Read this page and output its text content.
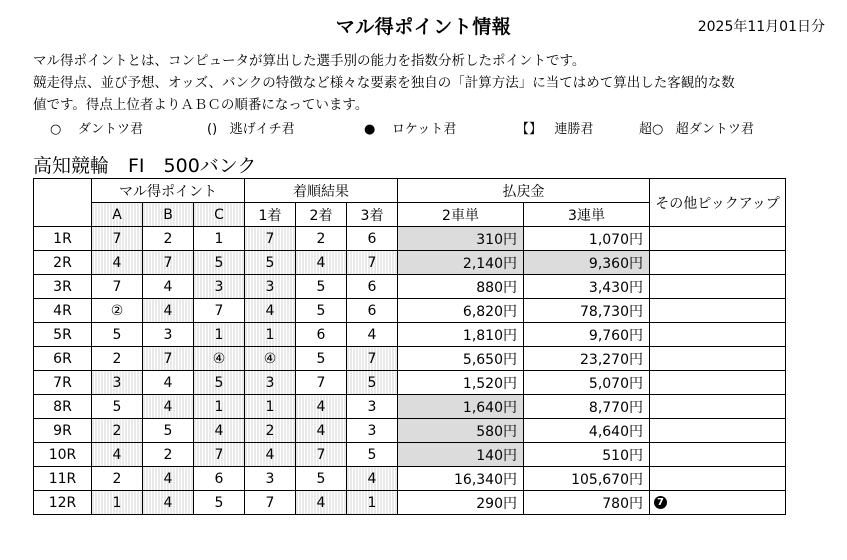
マル得ポイント情報	2025年11月01日分

マル得ポイントとは、コンピュータが算出した選手別の能力を指数分析したポイントです。

競走得点、並び予想、オッズ、バンクの特徴など様々な要素を独自の「計算方法」に当てはめて算出した客観的な数

値です。得点上位者よりＡＢＣの順番になっています。

○ ダントツ君	() 逃げイチ君	● ロケット君	【】 連勝君	超○ 超ダントツ君
高知競輪　FI　500バンク
	マル得ポイント			着順結果			払戻金		その他ピックアップ
	A	B	C	1着	2着	3着	2車単	3連単	
1R	7	2	1	7	2	6	310円	1,070円	
2R	4	7	5	5	4	7	2,140円	9,360円	
3R	7	4	3	3	5	6	880円	3,430円	
4R	②	4	7	4	5	6	6,820円	78,730円	
5R	5	3	1	1	6	4	1,810円	9,760円	
6R	2	7	④	④	5	7	5,650円	23,270円	
7R	3	4	5	3	7	5	1,520円	5,070円	
8R	5	4	1	1	4	3	1,640円	8,770円	
9R	2	5	4	2	4	3	580円	4,640円	
10R	4	2	7	4	7	5	140円	510円	
11R	2	4	6	3	5	4	16,340円	105,670円	
12R	1	4	5	7	4	1	290円	780円	7
